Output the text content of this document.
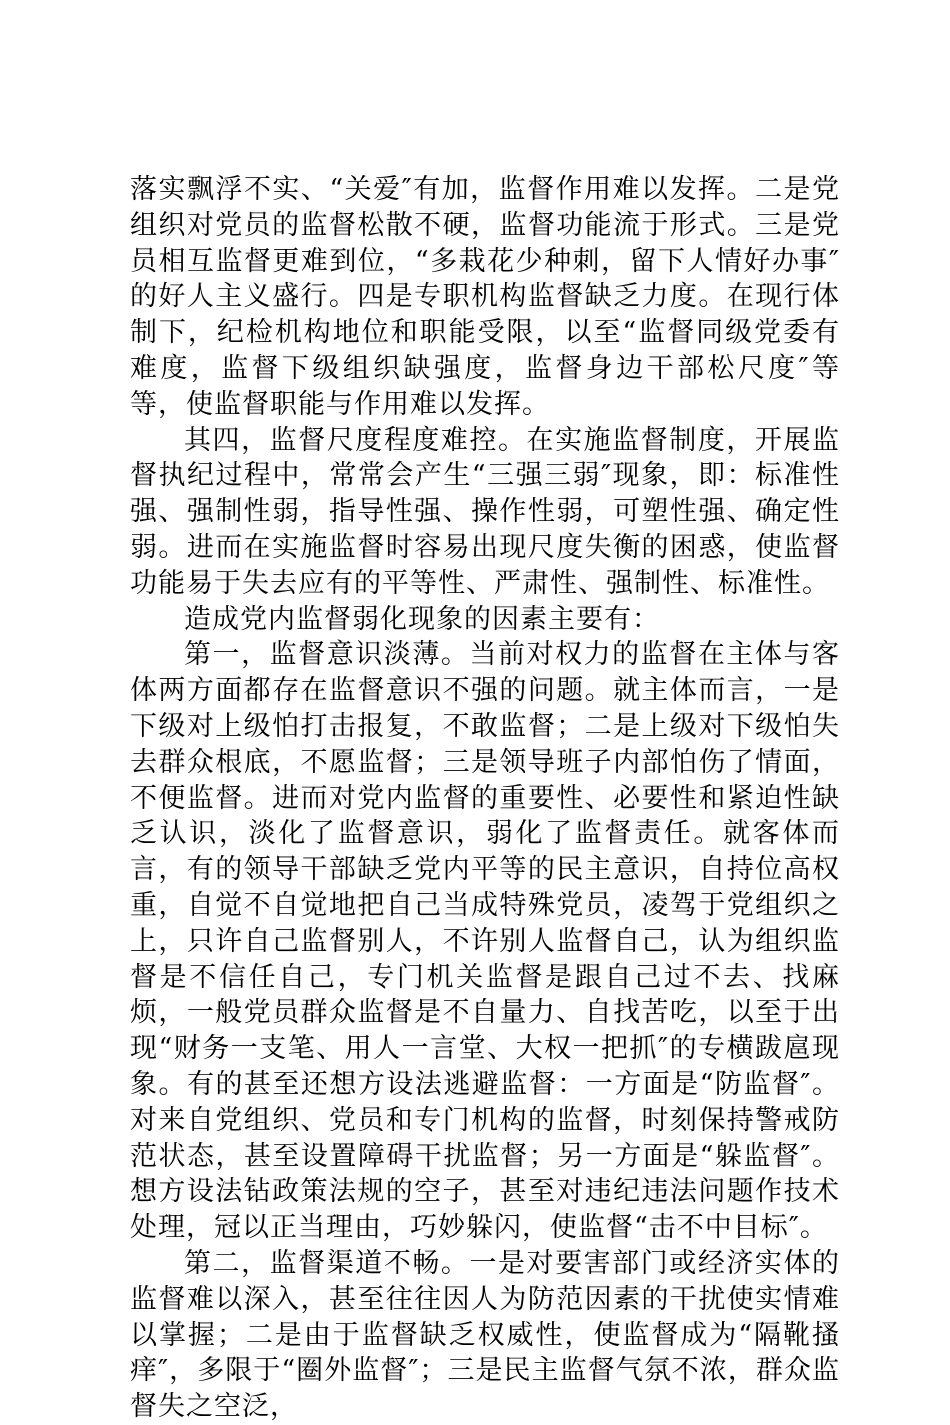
落实飘浮不实、“关爱″有加，监督作用难以发挥。二是党组织对党员的监督松散不硬，监督功能流于形式。三是党员相互监督更难到位，“多栽花少种刺，留下人情好办事″的好人主义盛行。四是专职机构监督缺乏力度。在现行体制下，纪检机构地位和职能受限，以至“监督同级党委有难度，监督下级组织缺强度，监督身边干部松尺度″等等，使监督职能与作用难以发挥。

其四，监督尺度程度难控。在实施监督制度，开展监督执纪过程中，常常会产生“三强三弱″现象，即：标准性强、强制性弱，指导性强、操作性弱，可塑性强、确定性弱。进而在实施监督时容易出现尺度失衡的困惑，使监督功能易于失去应有的平等性、严肃性、强制性、标准性。

造成党内监督弱化现象的因素主要有：

第一，监督意识淡薄。当前对权力的监督在主体与客体两方面都存在监督意识不强的问题。就主体而言，一是下级对上级怕打击报复，不敢监督；二是上级对下级怕失去群众根底，不愿监督；三是领导班子内部怕伤了情面，不便监督。进而对党内监督的重要性、必要性和紧迫性缺乏认识，淡化了监督意识，弱化了监督责任。就客体而言，有的领导干部缺乏党内平等的民主意识，自持位高权重，自觉不自觉地把自己当成特殊党员，凌驾于党组织之上，只许自己监督别人，不许别人监督自己，认为组织监督是不信任自己，专门机关监督是跟自己过不去、找麻烦，一般党员群众监督是不自量力、自找苦吃，以至于出现“财务一支笔、用人一言堂、大权一把抓″的专横跋扈现象。有的甚至还想方设法逃避监督：一方面是“防监督″。对来自党组织、党员和专门机构的监督，时刻保持警戒防范状态，甚至设置障碍干扰监督；另一方面是“躲监督″。想方设法钻政策法规的空子，甚至对违纪违法问题作技术处理，冠以正当理由，巧妙躲闪，使监督“击不中目标″。

第二，监督渠道不畅。一是对要害部门或经济实体的监督难以深入，甚至往往因人为防范因素的干扰使实情难以掌握；二是由于监督缺乏权威性，使监督成为“隔靴搔痒″，多限于“圈外监督″；三是民主监督气氛不浓，群众监督失之空泛，
